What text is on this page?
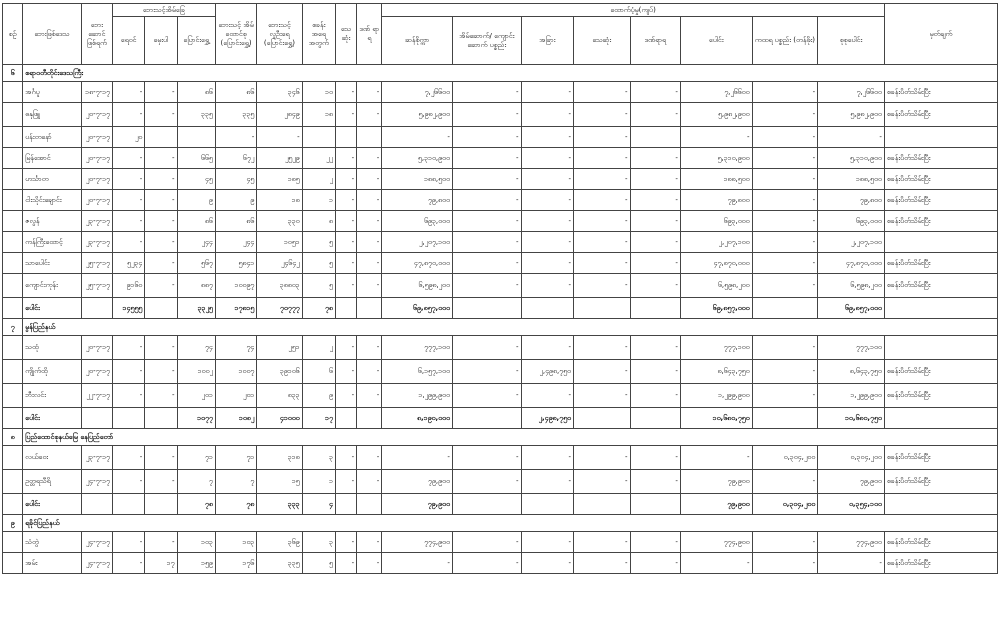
စဥ်	ဘေးဖြစ်ဒေသ	ဘေး ဆောင် ဖြစ်ရက်	ဘေးသင့်အိမ်ခြေ			ဘေးသင့် အိမ် ထောင်စု (ပြောင်းရွှေ့)	ဘေးသင့် လူဦးရေ (ပြောင်းရွှေ့)	စခန်း အရေ အတွက်	သေ ဆုံး	ဒဏ် ရာ ရ	ထောက်ပံ့မှု(ကျပ်)								မှတ်ချက်
			ရေဝင်	မှေးပါ	ပြောင်းရွှေ့						ဆန်စိုက္ကာ	အိမ်ဆောက်/ ကျောင်းဆောက် ပစ္စည်း	အခြား	သေဆုံး	ဒဏ်ရာရ	ပေါင်း	ကထရ ပစ္စည်း (တန်ဖိုး)	စုစုပေါင်း	
၆	စရာဝတီတိုင်းဒေသကြီး																		
	အင်္ဂပူ	၁၈-၇-၁၇	-	-	၈၆	၈၆	၃၄၆	၁၀	-	-	၇,၂၆၆၀၀	-	-	-	-	၇,၂၆၆၀၀	-	၇,၂၆၆၀၀	စခန်းပိတ်သိမ်းပြီး
	ဓနုဖြူ	၂၀-၇-၁၇	-	-	၃၃၅	၃၃၅	၂၈၄၉	၁၈	-	-	၅,၉၈၂,၉၀၀	-	-	-	-	၅,၉၈၂,၉၀၀	-	၅,၉၈၂,၉၀၀	စခန်းပိတ်သိမ်းပြီး
	ပန်းတနော်	၂၀-၇-၁၇	၂၀			-	-				-	-	-	-		-	-	-	
	မြန်အောင်	၂၀-၇-၁၇	-	-	၆၆၅	၆၇၂	၂၅၂၉	၂၂	-	-	၅,၃၁၀,၉၀၀	-	-	-	-	၅,၃၁၀,၉၀၀	-	၅,၃၁၀,၉၀၀	စခန်းပိတ်သိမ်းပြီး
	ဟင်္သာတ	၂၀-၇-၁၇	-	-	၄၅	၄၅	၁၈၅	၂	-	-	၁၈၈,၅၀၀	-	-	-	-	၁၈၈,၅၀၀	-	၁၈၈,၅၀၀	စခန်းပိတ်သိမ်းပြီး
	ငါးသိုင်းချောင်း	၂၀-၇-၁၇	-	-	၉	၉	၁၈	၁	-	-	၇၉,၈၀၀	-	-	-	-	၇၉,၈၀၀	-	၇၉,၈၀၀	စခန်းပိတ်သိမ်းပြီး
	ဇလွန်	၂၃-၇-၁၇	-	-	၈၆	၈၆	၃၃၀	၈	-	-	၆၉၃,၀၀၀	-	-	-	-	၆၉၃,၀၀၀	-	၆၉၃,၀၀၀	စခန်းပိတ်သိမ်းပြီး
	ကန်ကြီးထောင့်	၂၃-၇-၁၇	-	-	၂၄၄	၂၄၄	၁၀၅၁	၅	-	-	၂,၂၀၇,၁၀၀	-	-	-	-	၂,၂၀၇,၁၀၀	-	၂,၂၀၇,၁၀၀	
	သာပေါင်း	၂၅-၇-၁၇	၅၂၃၄	-	၅၆၇	၅၈၄၁	၂၄၆၄၂	၅	-	-	၄၇,၈၇၀,၀၀၀	-	-	-	-	၄၇,၈၇၀,၀၀၀	-	၄၇,၈၇၀,၀၀၀	စခန်းပိတ်သိမ်းပြီး
	ကျောင်းကုန်း	၂၅-၇-၁၇	၉၁၆၀	-	၈၈၇	၁၀၀၉၇	၃၈၈၀၃	၅	-	-	၆,၅၉၈,၂၀၀	-	-	-	-	၆,၅၉၈,၂၀၀	-	၆,၅၉၈,၂၀၀	စခန်းပိတ်သိမ်းပြီး
	ပေါင်း		၁၄၅၅၅		၃၃၂၅	၁၇၈၁၅	၇၀၇၇၇	၇၈			၆၉,၈၅၇,၀၀၀					၆၉,၈၅၇,၀၀၀		၆၉,၈၅၇,၀၀၀	
၇	မွန်ပြည်နယ်																		
	သထုံ	၂၀-၇-၁၇	-	-	၇၄	၇၄	၂၅၁	၂	-	-	၇၇၇,၁၀၀	-	-	-	-	၇၇၇,၁၀၀	-	၇၇၇,၁၀၀	
	ကျိုက်ထို	၂၀-၇-၁၇	-	-	၁၀၀၂	၁၀၀၇	၃၉၁၀၆	၆	-	-	၆,၁၅၇,၁၀၀	-	၂,၄၉၈,၇၅၀	-	-	၈,၆၄၃,၇၅၀	-	၈,၆၄၃,၇၅၀	စခန်းပိတ်သိမ်းပြီး
	ဘီးလင်း	၂၂-၇-၁၇	-	-	၂၀၁	၂၀၁	၈၃၃	၉	-	-	၁,၂၉၉,၉၀၀	-	-	-	-	၁,၂၉၉,၉၀၀	-	၁,၂၉၉,၉၀၀	စခန်းပိတ်သိမ်းပြီး
	ပေါင်း				၁၀၇၇	၁၀၈၂	၄၁၀၀၀	၁၇			၈,၁၉၀,၀၀၀		၂,၄၉၈,၇၅၀			၁၀,၆၈၀,၇၅၀		၁၀,၆၈၀,၇၅၀	
၈	ပြည်ထောင်စုနယ်မြေ နေပြည်တော်																		
	လယ်ဝေး	၂၃-၇-၁၇	-	-	၇၁	၇၁	၃၁၈	၃	-	-	-	-	-	-	-	-	၀,၃၀၄,၂၀၀	၀,၃၀၄,၂၀၀	စခန်းပိတ်သိမ်းပြီး
	ဥတ္တရသီရိ	၂၄-၇-၁၇	-	-	၇	၇	၁၅	၁	-	-	၇၉,၉၀၀	-	-	-	-	၇၉,၉၀၀	-	၇၉,၉၀၀	စခန်းပိတ်သိမ်းပြီး
	ပေါင်း				၇၈	၇၈	၃၃၃	၄			၇၉,၉၀၀					၇၉,၉၀၀	၀,၃၀၄,၂၀၀	၀,၃၅၄,၁၀၀	
၉	ရခိုင်ပြည်နယ်																		
	သံတွဲ	၂၄-၇-၁၇	-	-	၁၀၃	၁၀၃	၃၆၉	၃	-	-	၇၇၄,၉၀၀	-	-	-	-	၇၇၄,၉၀၀	-	၇၇၄,၉၀၀	စခန်းပိတ်သိမ်းပြီး
	အမ်း	၂၄-၇-၁၇	-	၁၇	၁၅၉	၁၇၆	၃၃၅	၅	-	-	-	-	-	-	-	-	-	-	စခန်းပိတ်သိမ်းပြီး
